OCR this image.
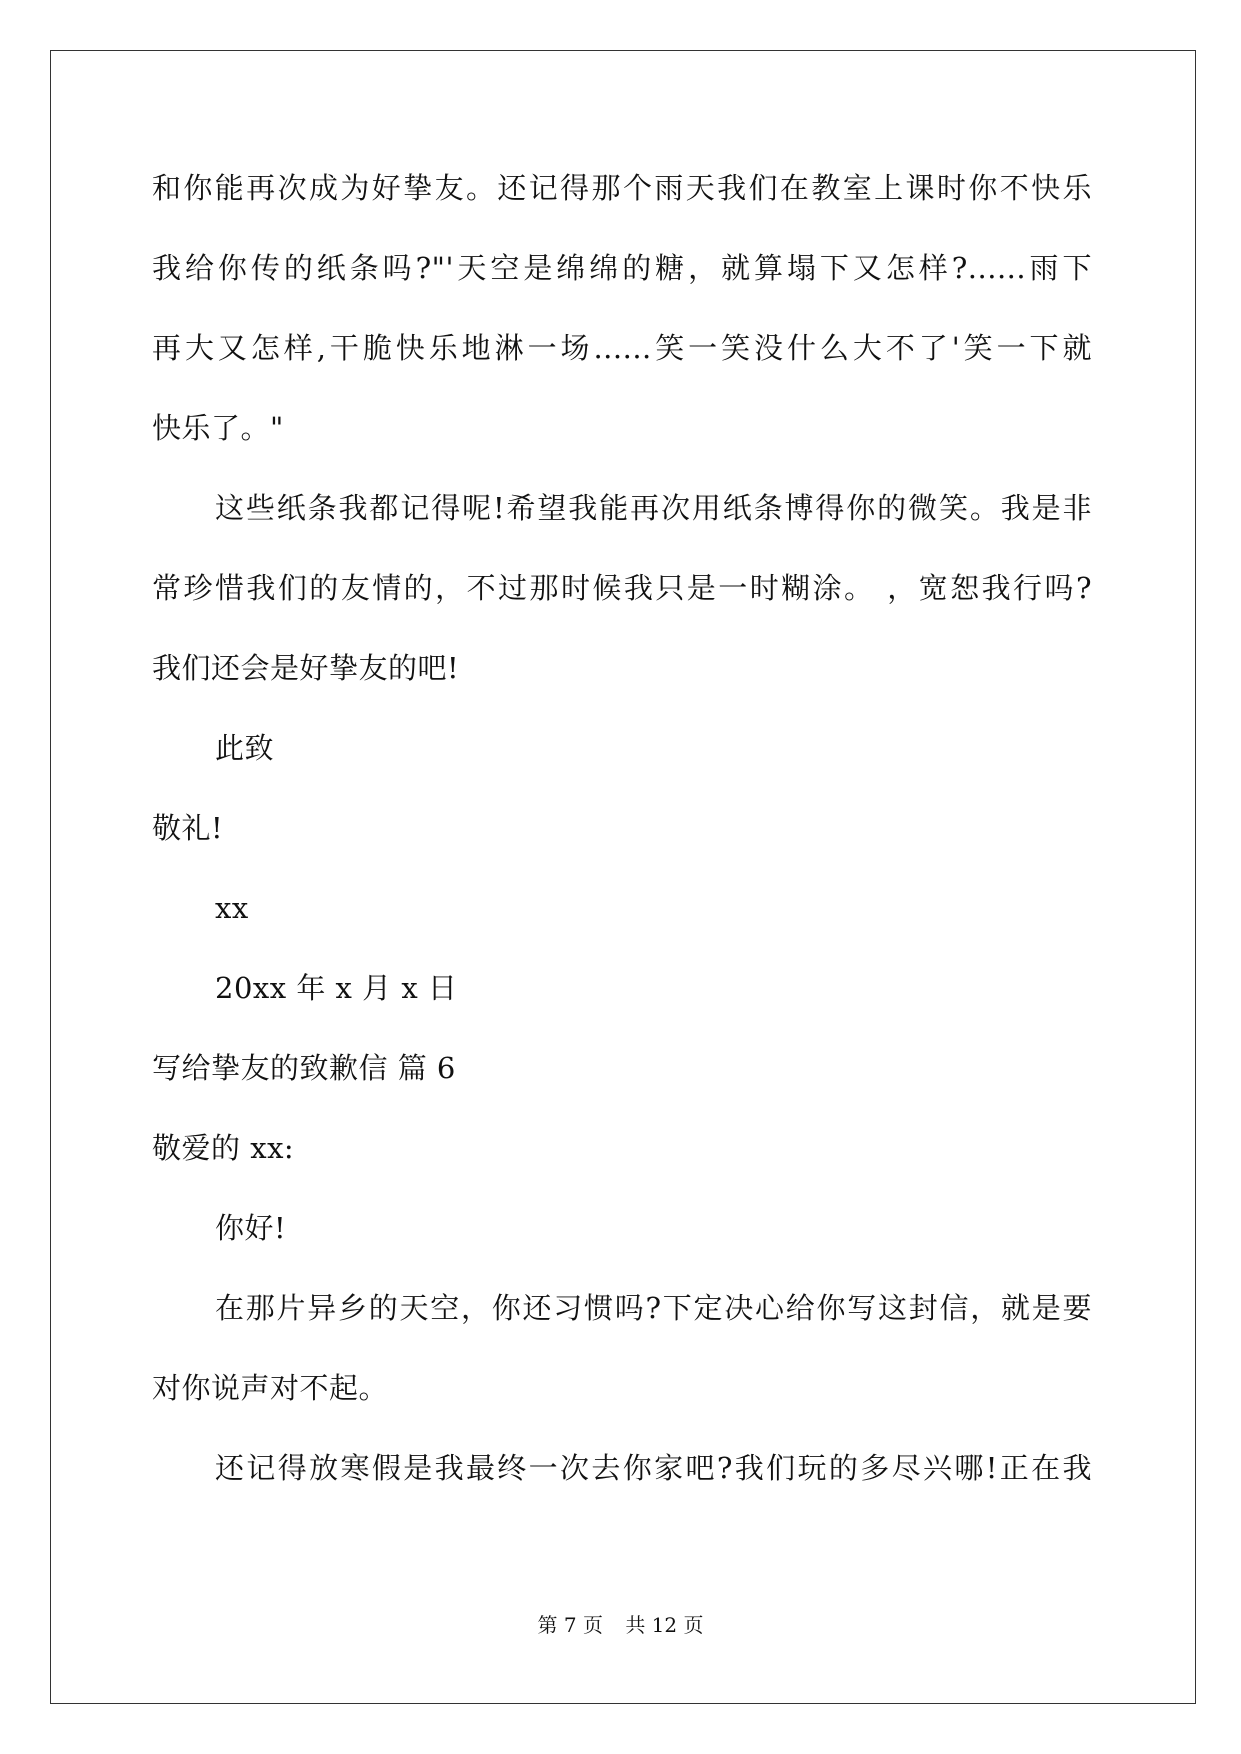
和你能再次成为好挚友。还记得那个雨天我们在教室上课时你不快乐
我给你传的纸条吗?"'天空是绵绵的糖，就算塌下又怎样?......雨下
再大又怎样,干脆快乐地淋一场......笑一笑没什么大不了'笑一下就
快乐了。"
这些纸条我都记得呢!希望我能再次用纸条博得你的微笑。我是非
常珍惜我们的友情的，不过那时候我只是一时糊涂。 ，宽恕我行吗?
我们还会是好挚友的吧!
此致
敬礼!
xx
20xx 年 x 月 x 日
写给挚友的致歉信 篇 6
敬爱的 xx:
你好!
在那片异乡的天空，你还习惯吗?下定决心给你写这封信，就是要
对你说声对不起。
还记得放寒假是我最终一次去你家吧?我们玩的多尽兴哪!正在我
第 7 页 共 12 页
